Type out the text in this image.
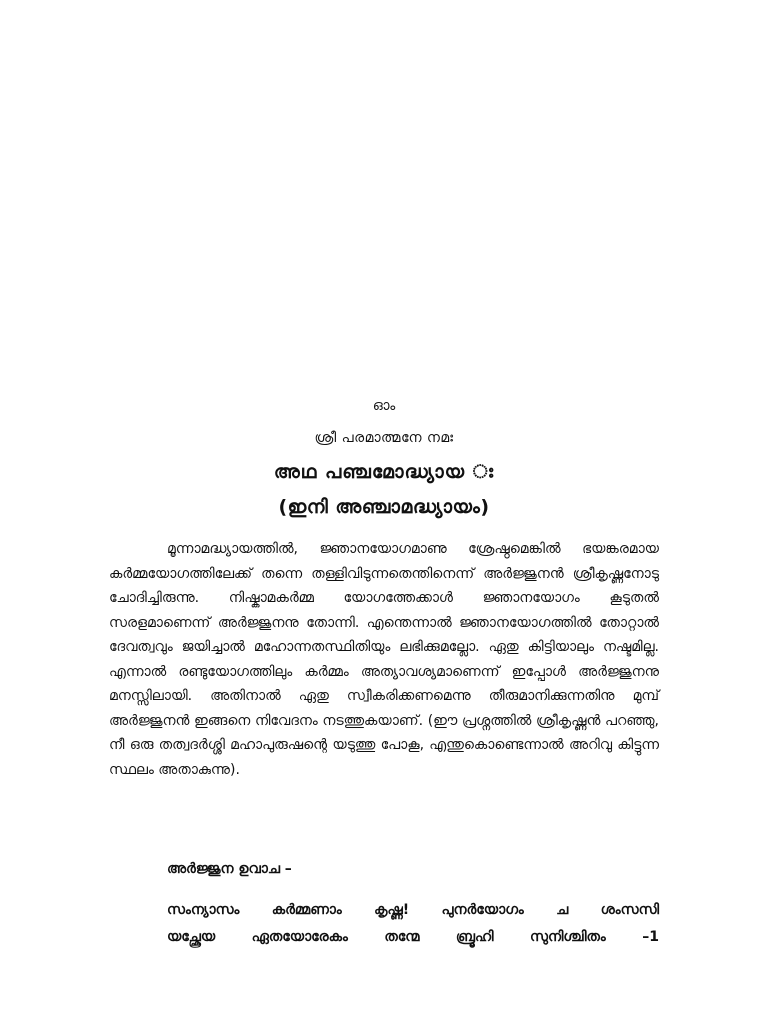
ഓം
ശ്രീ പരമാത്മനേ നമഃ
അഥ പഞ്ചമോദ്ധ്യായ ഃ
(ഇനി അഞ്ചാമദ്ധ്യായം)

മൂന്നാമദ്ധ്യായത്തിൽ, ജ്ഞാനയോഗമാണു ശ്രേഷ്ഠമെങ്കിൽ ഭയങ്കരമായ കർമ്മയോഗത്തിലേക്ക് തന്നെ തള്ളിവിടുന്നതെന്തിനെന്ന് അർജ്ജുനൻ ശ്രീകൃഷ്ണനോടു ചോദിച്ചിരുന്നു. നിഷ്കാമകർമ്മ യോഗത്തേക്കാൾ ജ്ഞാനയോഗം കൂടുതൽ സരളമാണെന്ന് അർജ്ജുനനു തോന്നി. എന്തെന്നാൽ ജ്ഞാനയോഗത്തിൽ തോറ്റാൽ ദേവത്വവും ജയിച്ചാൽ മഹോന്നതസ്ഥിതിയും ലഭിക്കുമല്ലോ. ഏതു കിട്ടിയാലും നഷ്ടമില്ല. എന്നാൽ രണ്ടുയോഗത്തിലും കർമ്മം അത്യാവശ്യമാണെന്ന് ഇപ്പോൾ അർജ്ജുനനു മനസ്സിലായി. അതിനാൽ ഏതു സ്വീകരിക്കണമെന്നു തീരുമാനിക്കുന്നതിനു മുമ്പ് അർജ്ജുനൻ ഇങ്ങനെ നിവേദനം നടത്തുകയാണ്. (ഈ പ്രശ്നത്തിൽ ശ്രീകൃഷ്ണൻ പറഞ്ഞു, നീ ഒരു തത്വദർശ്ശി മഹാപുരുഷന്റെ യടുത്തു പോകൂ, എന്തുകൊണ്ടെന്നാൽ അറിവു കിട്ടുന്ന സ്ഥലം അതാകുന്നു).

അർജ്ജുന ഉവാച –
സംന്യാസം കർമ്മണാം കൃഷ്ണ! പുനർയോഗം ച ശംസസി
യച്ഛ്രേയ ഏതയോരേകം തന്മേ ബ്രൂഹി സുനിശ്ചിതം –1
